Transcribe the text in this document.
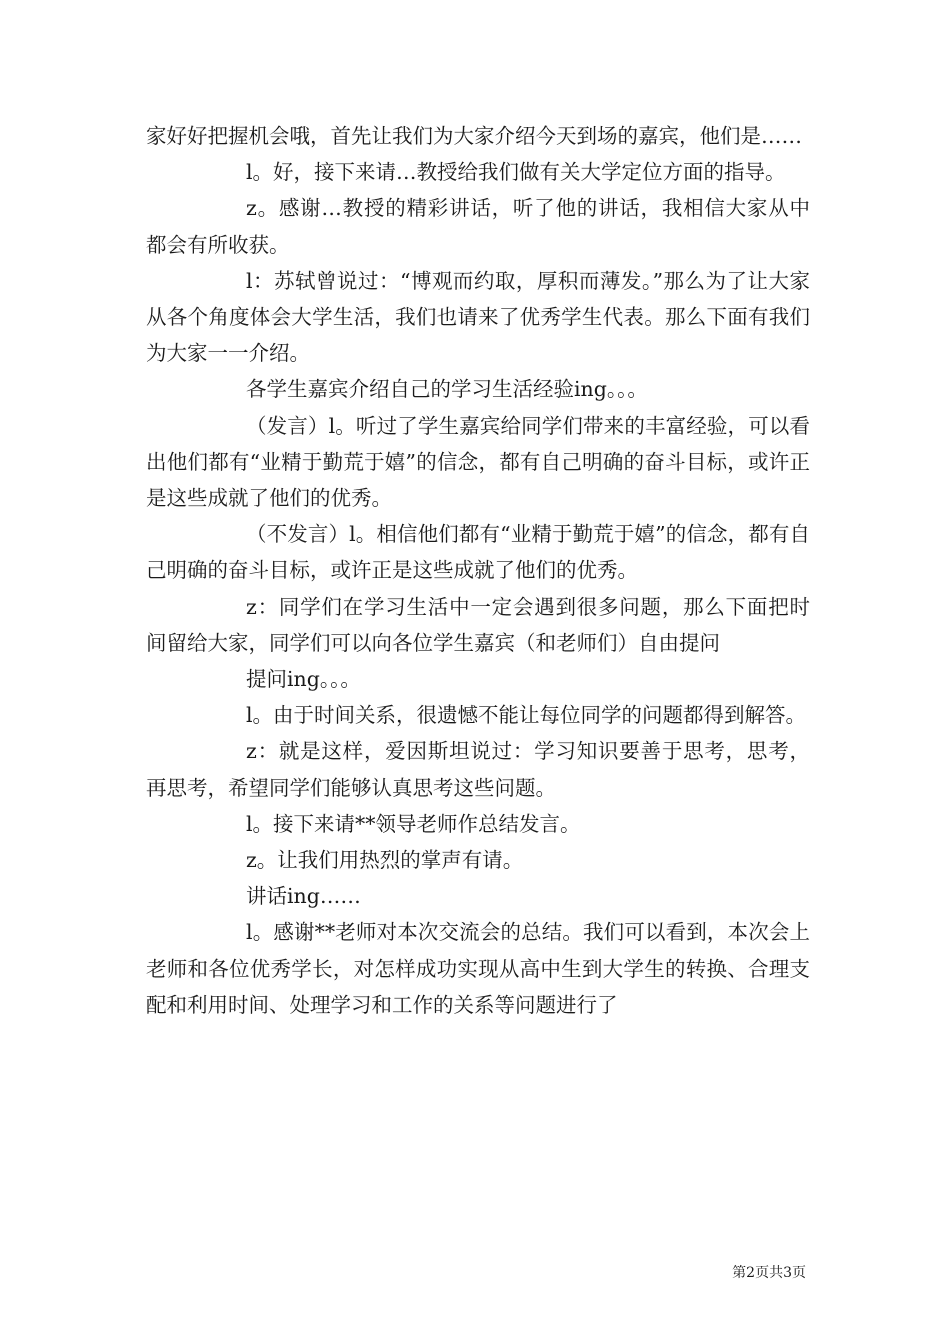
家好好把握机会哦，首先让我们为大家介绍今天到场的嘉宾，他们是……

l。好，接下来请…教授给我们做有关大学定位方面的指导。

z。感谢…教授的精彩讲话，听了他的讲话，我相信大家从中都会有所收获。

l：苏轼曾说过：“博观而约取，厚积而薄发。”那么为了让大家从各个角度体会大学生活，我们也请来了优秀学生代表。那么下面有我们为大家一一介绍。

各学生嘉宾介绍自己的学习生活经验ing。。。

（发言）l。听过了学生嘉宾给同学们带来的丰富经验，可以看出他们都有“业精于勤荒于嬉”的信念，都有自己明确的奋斗目标，或许正是这些成就了他们的优秀。

（不发言）l。相信他们都有“业精于勤荒于嬉”的信念，都有自己明确的奋斗目标，或许正是这些成就了他们的优秀。

z：同学们在学习生活中一定会遇到很多问题，那么下面把时间留给大家，同学们可以向各位学生嘉宾（和老师们）自由提问

提问ing。。。

l。由于时间关系，很遗憾不能让每位同学的问题都得到解答。

z：就是这样，爱因斯坦说过：学习知识要善于思考，思考，再思考，希望同学们能够认真思考这些问题。

l。接下来请**领导老师作总结发言。

z。让我们用热烈的掌声有请。

讲话ing……

l。感谢**老师对本次交流会的总结。我们可以看到，本次会上老师和各位优秀学长，对怎样成功实现从高中生到大学生的转换、合理支配和利用时间、处理学习和工作的关系等问题进行了

第2页共3页
